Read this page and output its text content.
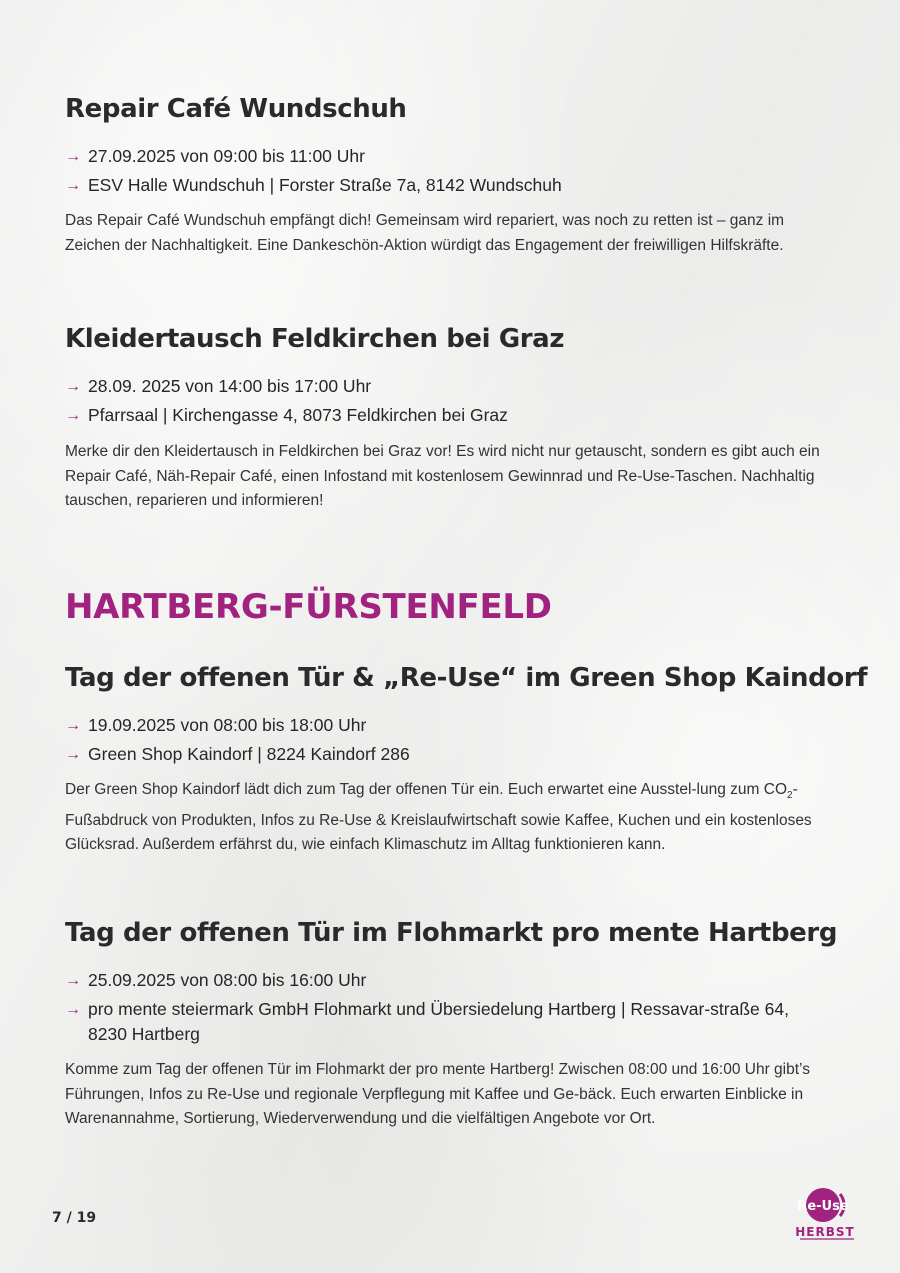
Repair Café Wundschuh
→ 27.09.2025 von 09:00 bis 11:00 Uhr
→ ESV Halle Wundschuh | Forster Straße 7a, 8142 Wundschuh

Das Repair Café Wundschuh empfängt dich! Gemeinsam wird repariert, was noch zu retten ist – ganz im Zeichen der Nachhaltigkeit. Eine Dankeschön-Aktion würdigt das Engagement der freiwilligen Hilfskräfte.

Kleidertausch Feldkirchen bei Graz
→ 28.09. 2025 von 14:00 bis 17:00 Uhr
→ Pfarrsaal | Kirchengasse 4, 8073 Feldkirchen bei Graz

Merke dir den Kleidertausch in Feldkirchen bei Graz vor! Es wird nicht nur getauscht, sondern es gibt auch ein Repair Café, Näh-Repair Café, einen Infostand mit kostenlosem Gewinnrad und Re-Use-Taschen. Nachhaltig tauschen, reparieren und informieren!

HARTBERG-FÜRSTENFELD
Tag der offenen Tür & „Re-Use“ im Green Shop Kaindorf
→ 19.09.2025 von 08:00 bis 18:00 Uhr
→ Green Shop Kaindorf | 8224 Kaindorf 286

Der Green Shop Kaindorf lädt dich zum Tag der offenen Tür ein. Euch erwartet eine Ausstel-lung zum $CO_2$-Fußabdruck von Produkten, Infos zu Re-Use & Kreislaufwirtschaft sowie Kaffee, Kuchen und ein kostenloses Glücksrad. Außerdem erfährst du, wie einfach Klimaschutz im Alltag funktionieren kann.

Tag der offenen Tür im Flohmarkt pro mente Hartberg
→ 25.09.2025 von 08:00 bis 16:00 Uhr
→ pro mente steiermark GmbH Flohmarkt und Übersiedelung Hartberg | Ressavar-straße 64, 8230 Hartberg

Komme zum Tag der offenen Tür im Flohmarkt der pro mente Hartberg! Zwischen 08:00 und 16:00 Uhr gibt’s Führungen, Infos zu Re-Use und regionale Verpflegung mit Kaffee und Ge-bäck. Euch erwarten Einblicke in Warenannahme, Sortierung, Wiederverwendung und die vielfältigen Angebote vor Ort.

7 / 19
Re-Use
HERBST
